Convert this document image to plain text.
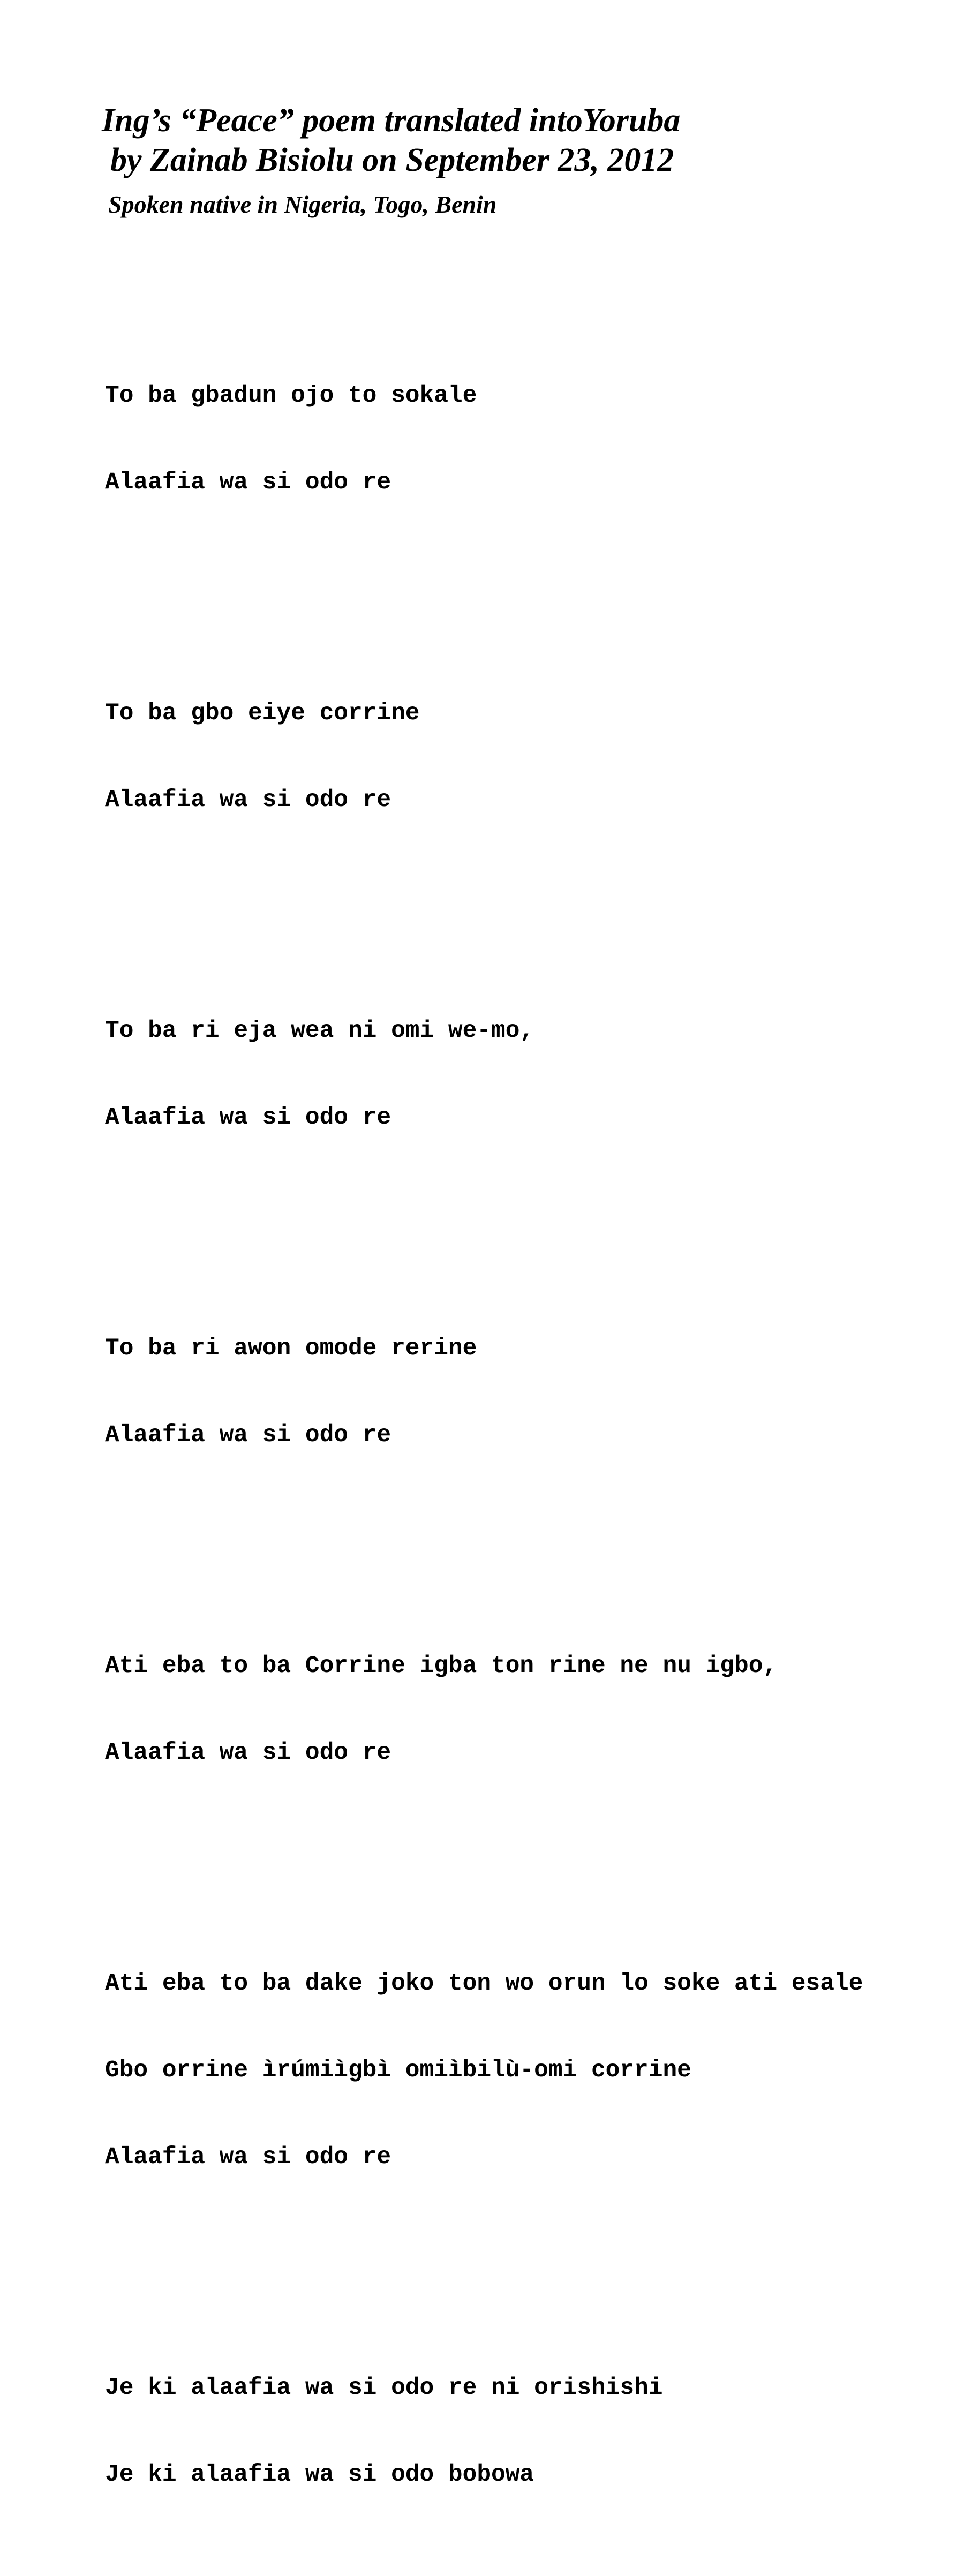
Ing’s “Peace” poem translated intoYoruba
by Zainab Bisiolu on September 23, 2012
Spoken native in Nigeria, Togo, Benin

To ba gbadun ojo to sokale

Alaafia wa si odo re

To ba gbo eiye corrine

Alaafia wa si odo re

To ba ri eja wea ni omi we-mo,

Alaafia wa si odo re

To ba ri awon omode rerine

Alaafia wa si odo re

Ati eba to ba Corrine igba ton rine ne nu igbo,

Alaafia wa si odo re

Ati eba to ba dake joko ton wo orun lo soke ati esale

Gbo orrine ìrúmiìgbì omiìbilù-omi corrine

Alaafia wa si odo re

Je ki alaafia wa si odo re ni orishishi

Je ki alaafia wa si odo bobowa
